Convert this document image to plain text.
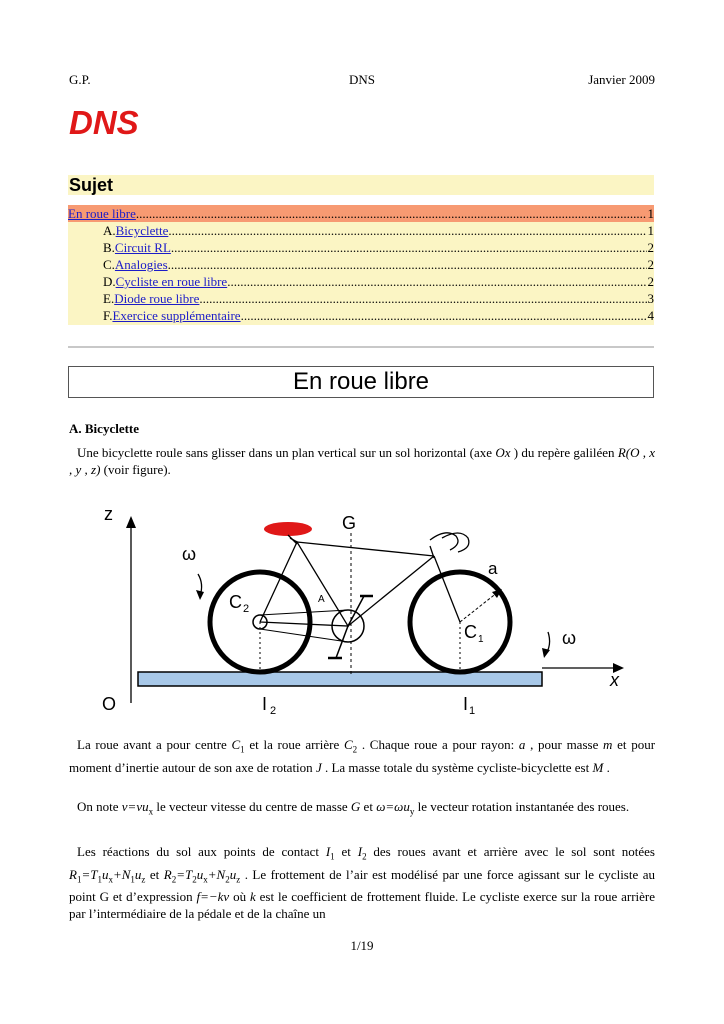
G.P.	DNS	Janvier 2009
DNS
Sujet
En roue libre .....	1
A. Bicyclette .....	1
B. Circuit RL .....	2
C. Analogies .....	2
D. Cycliste en roue libre .....	2
E. Diode roue libre .....	3
F. Exercice supplémentaire .....	4
En roue libre
A. Bicyclette
Une bicyclette roule sans glisser dans un plan vertical sur un sol horizontal (axe Ox ) du repère galiléen R(O , x , y , z) (voir figure).
z	G
ω
a
C 2
A
C 1	ω
x
O	I 2	I 1
La roue avant a pour centre $C_1$ et la roue arrière $C_2$ . Chaque roue a pour rayon: a , pour masse m et pour moment d’inertie autour de son axe de rotation J . La masse totale du système cycliste-bicyclette est M .
On note $v=vu_x$ le vecteur vitesse du centre de masse G et $\omega=\omega u_y$ le vecteur rotation instantanée des roues.
Les réactions du sol aux points de contact $I_1$ et $I_2$ des roues avant et arrière avec le sol sont notées $R_1=T_1u_x+N_1u_z$ et $R_2=T_2u_x+N_2u_z$ . Le frottement de l’air est modélisé par une force agissant sur le cycliste au point G et d’expression f=−kv où k est le coefficient de frottement fluide. Le cycliste exerce sur la roue arrière par l’intermédiaire de la pédale et de la chaîne un
1/19
